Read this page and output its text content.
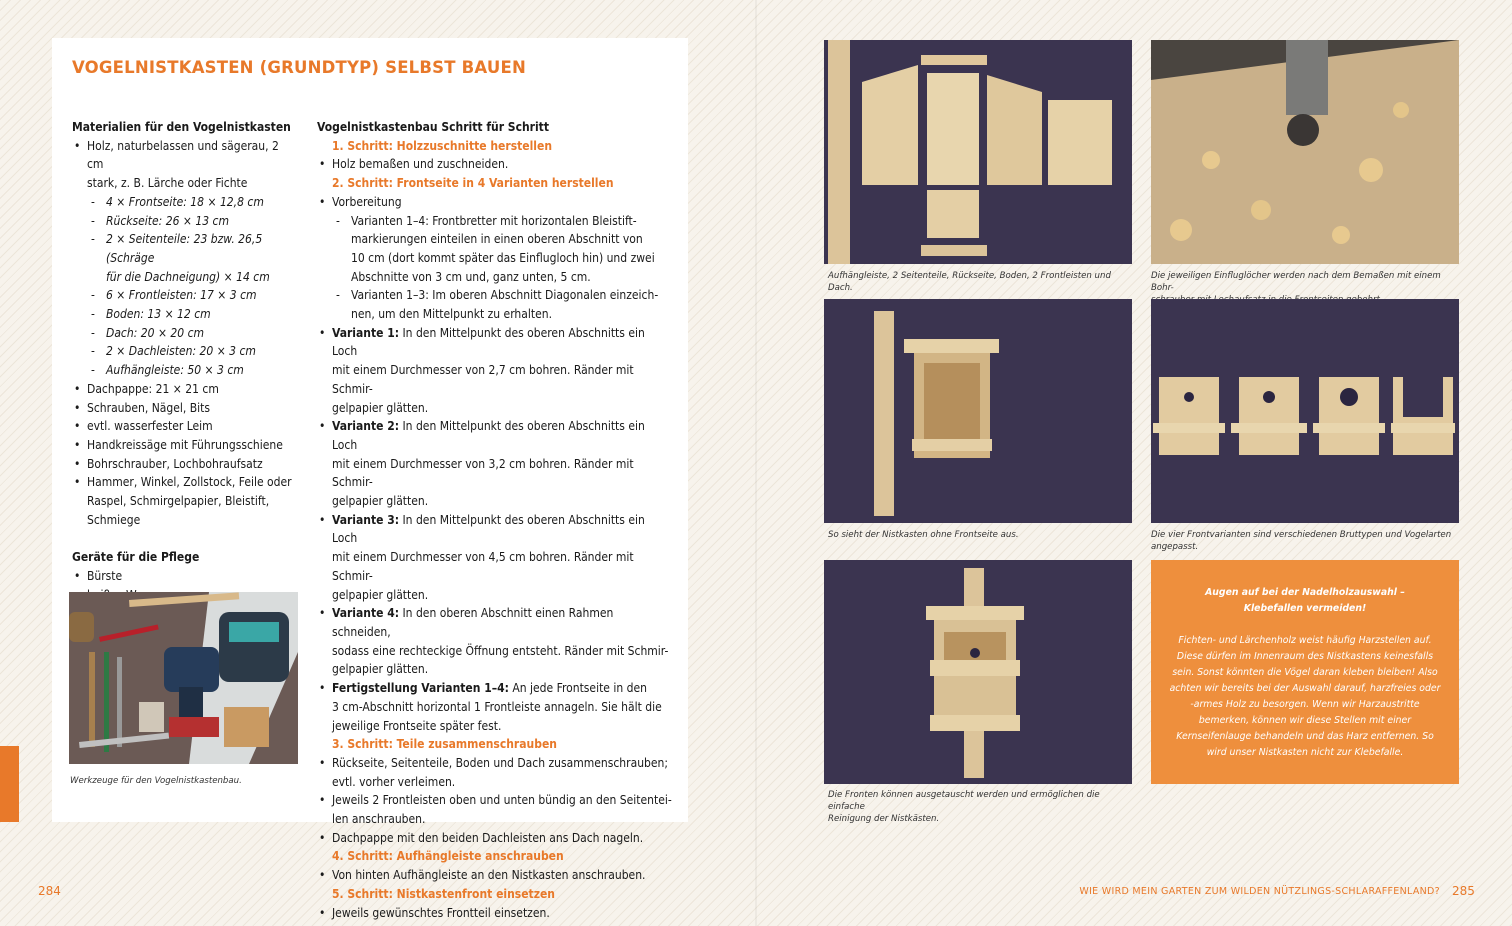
VOGELNISTKASTEN (GRUNDTYP) SELBST BAUEN
Materialien für den Vogelnistkasten
• Holz, naturbelassen und sägerau, 2 cm
stark, z. B. Lärche oder Fichte
- 4 × Frontseite: 18 × 12,8 cm
- Rückseite: 26 × 13 cm
- 2 × Seitenteile: 23 bzw. 26,5 (Schräge
für die Dachneigung) × 14 cm
- 6 × Frontleisten: 17 × 3 cm
- Boden: 13 × 12 cm
- Dach: 20 × 20 cm
- 2 × Dachleisten: 20 × 3 cm
- Aufhängleiste: 50 × 3 cm
• Dachpappe: 21 × 21 cm
• Schrauben, Nägel, Bits
• evtl. wasserfester Leim
• Handkreissäge mit Führungsschiene
• Bohrschrauber, Lochbohraufsatz
• Hammer, Winkel, Zollstock, Feile oder
Raspel, Schmirgelpapier, Bleistift,
Schmiege
Geräte für die Pflege
• Bürste
•
Werkzeuge für den Vogelnistkastenbau.
Vogelnistkastenbau Schritt für Schritt
1. Schritt: Holzzuschnitte herstellen
• Holz bemaßen und zuschneiden.
2. Schritt: Frontseite in 4 Varianten herstellen
• Vorbereitung
- Varianten 1–4: Frontbretter mit horizontalen Bleistift-
markierungen einteilen in einen oberen Abschnitt von
10 cm (dort kommt später das Einflugloch hin) und zwei
Abschnitte von 3 cm und, ganz unten, 5 cm.
- Varianten 1–3: Im oberen Abschnitt Diagonalen einzeich-
nen, um den Mittelpunkt zu erhalten.
• Variante 1: In den Mittelpunkt des oberen Abschnitts ein Loch
mit einem Durchmesser von 2,7 cm bohren. Ränder mit Schmir-
gelpapier glätten.
• Variante 2: In den Mittelpunkt des oberen Abschnitts ein Loch
mit einem Durchmesser von 3,2 cm bohren. Ränder mit Schmir-
gelpapier glätten.
• Variante 3: In den Mittelpunkt des oberen Abschnitts ein Loch
mit einem Durchmesser von 4,5 cm bohren. Ränder mit Schmir-
gelpapier glätten.
• Variante 4: In den oberen Abschnitt einen Rahmen schneiden,
sodass eine rechteckige Öffnung entsteht. Ränder mit Schmir-
gelpapier glätten.
• Fertigstellung Varianten 1–4: An jede Frontseite in den
3 cm-Abschnitt horizontal 1 Frontleiste annageln. Sie hält die
jeweilige Frontseite später fest.
3. Schritt: Teile zusammenschrauben
• Rückseite, Seitenteile, Boden und Dach zusammenschrauben;
evtl. vorher verleimen.
• Jeweils 2 Frontleisten oben und unten bündig an den Seitentei-
len anschrauben.
• Dachpappe mit den beiden Dachleisten ans Dach nageln.
4. Schritt: Aufhängleiste anschrauben
• Von hinten Aufhängleiste an den Nistkasten anschrauben.
5. Schritt: Nistkastenfront einsetzen
• Jeweils gewünschtes Frontteil einsetzen.
Aufhängleiste, 2 Seitenteile, Rückseite, Boden, 2 Frontleisten und Dach.
Die jeweiligen Einfluglöcher werden nach dem Bemaßen mit einem Bohr-

So sieht der Nistkasten ohne Frontseite aus.	Die vier Frontvarianten sind verschiedenen Bruttypen und Vogelarten
angepasst.
Die Fronten können ausgetauscht werden und ermöglichen die einfache
Reinigung der Nistkästen.
Augen auf bei der Nadelholzauswahl – Klebefallen vermeiden!
Fichten- und Lärchenholz weist häufig Harzstellen auf. Diese dürfen im Innenraum des Nistkastens keinesfalls sein. Sonst könnten die Vögel daran kleben bleiben! Also achten wir bereits bei der Auswahl darauf, harzfreies oder -armes Holz zu besorgen. Wenn wir Harzaustritte bemerken, können wir diese Stellen mit einer Kernseifenlauge behandeln und das Harz entfernen. So wird unser Nistkasten nicht zur Klebefalle.
284	WIE WIRD MEIN GARTEN ZUM WILDEN NÜTZLINGS-SCHLARAFFENLAND? 285
